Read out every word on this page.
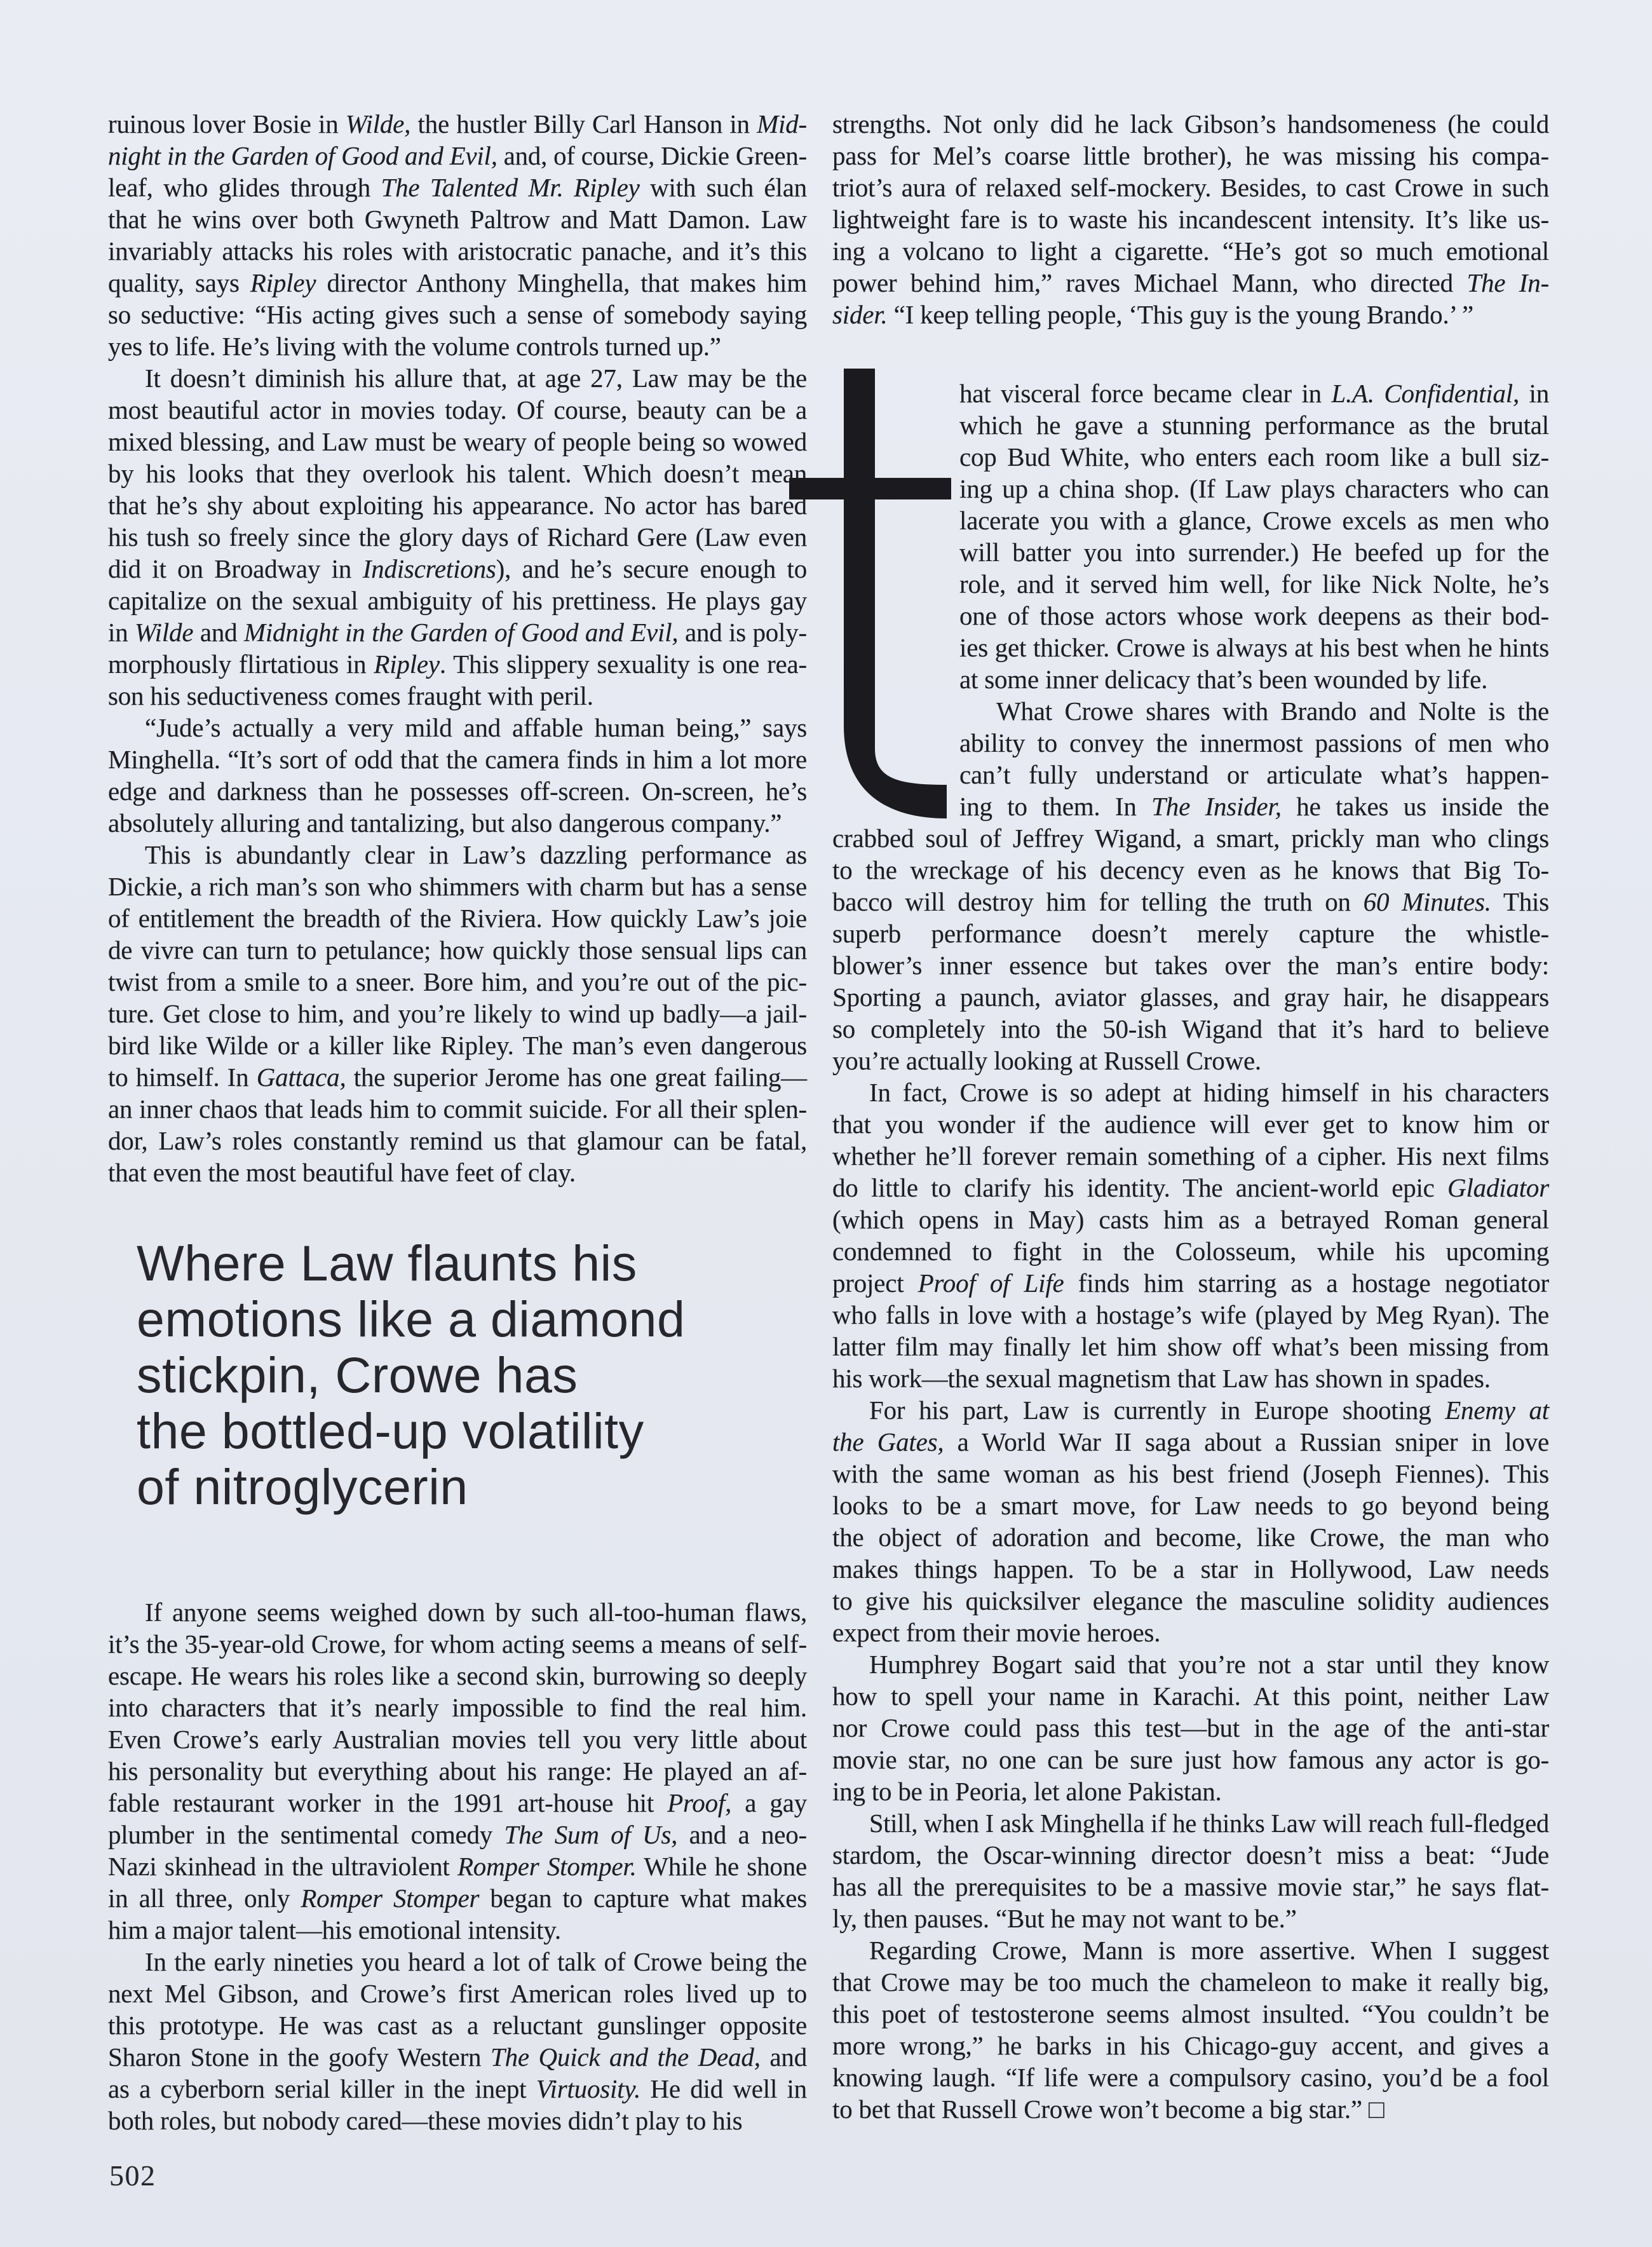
ruinous lover Bosie in Wilde, the hustler Billy Carl Hanson in Mid-
night in the Garden of Good and Evil, and, of course, Dickie Green-
leaf, who glides through The Talented Mr. Ripley with such élan
that he wins over both Gwyneth Paltrow and Matt Damon. Law
invariably attacks his roles with aristocratic panache, and it’s this
quality, says Ripley director Anthony Minghella, that makes him
so seductive: “His acting gives such a sense of somebody saying
yes to life. He’s living with the volume controls turned up.”
It doesn’t diminish his allure that, at age 27, Law may be the
most beautiful actor in movies today. Of course, beauty can be a
mixed blessing, and Law must be weary of people being so wowed
by his looks that they overlook his talent. Which doesn’t mean
that he’s shy about exploiting his appearance. No actor has bared
his tush so freely since the glory days of Richard Gere (Law even
did it on Broadway in Indiscretions), and he’s secure enough to
capitalize on the sexual ambiguity of his prettiness. He plays gay
in Wilde and Midnight in the Garden of Good and Evil, and is poly-
morphously flirtatious in Ripley. This slippery sexuality is one rea-
son his seductiveness comes fraught with peril.
“Jude’s actually a very mild and affable human being,” says
Minghella. “It’s sort of odd that the camera finds in him a lot more
edge and darkness than he possesses off-screen. On-screen, he’s
absolutely alluring and tantalizing, but also dangerous company.”
This is abundantly clear in Law’s dazzling performance as
Dickie, a rich man’s son who shimmers with charm but has a sense
of entitlement the breadth of the Riviera. How quickly Law’s joie
de vivre can turn to petulance; how quickly those sensual lips can
twist from a smile to a sneer. Bore him, and you’re out of the pic-
ture. Get close to him, and you’re likely to wind up badly—a jail-
bird like Wilde or a killer like Ripley. The man’s even dangerous
to himself. In Gattaca, the superior Jerome has one great failing—
an inner chaos that leads him to commit suicide. For all their splen-
dor, Law’s roles constantly remind us that glamour can be fatal,
that even the most beautiful have feet of clay.
Where Law flaunts his
emotions like a diamond
stickpin, Crowe has
the bottled-up volatility
of nitroglycerin
If anyone seems weighed down by such all-too-human flaws,
it’s the 35-year-old Crowe, for whom acting seems a means of self-
escape. He wears his roles like a second skin, burrowing so deeply
into characters that it’s nearly impossible to find the real him.
Even Crowe’s early Australian movies tell you very little about
his personality but everything about his range: He played an af-
fable restaurant worker in the 1991 art-house hit Proof, a gay
plumber in the sentimental comedy The Sum of Us, and a neo-
Nazi skinhead in the ultraviolent Romper Stomper. While he shone
in all three, only Romper Stomper began to capture what makes
him a major talent—his emotional intensity.
In the early nineties you heard a lot of talk of Crowe being the
next Mel Gibson, and Crowe’s first American roles lived up to
this prototype. He was cast as a reluctant gunslinger opposite
Sharon Stone in the goofy Western The Quick and the Dead, and
as a cyberborn serial killer in the inept Virtuosity. He did well in
both roles, but nobody cared—these movies didn’t play to his
strengths. Not only did he lack Gibson’s handsomeness (he could
pass for Mel’s coarse little brother), he was missing his compa-
triot’s aura of relaxed self-mockery. Besides, to cast Crowe in such
lightweight fare is to waste his incandescent intensity. It’s like us-
ing a volcano to light a cigarette. “He’s got so much emotional
power behind him,” raves Michael Mann, who directed The In-
sider. “I keep telling people, ‘This guy is the young Brando.’ ”
hat visceral force became clear in L.A. Confidential, in
which he gave a stunning performance as the brutal
cop Bud White, who enters each room like a bull siz-
ing up a china shop. (If Law plays characters who can
lacerate you with a glance, Crowe excels as men who
will batter you into surrender.) He beefed up for the
role, and it served him well, for like Nick Nolte, he’s
one of those actors whose work deepens as their bod-
ies get thicker. Crowe is always at his best when he hints
at some inner delicacy that’s been wounded by life.
What Crowe shares with Brando and Nolte is the
ability to convey the innermost passions of men who
can’t fully understand or articulate what’s happen-
ing to them. In The Insider, he takes us inside the
crabbed soul of Jeffrey Wigand, a smart, prickly man who clings
to the wreckage of his decency even as he knows that Big To-
bacco will destroy him for telling the truth on 60 Minutes. This
superb performance doesn’t merely capture the whistle-
blower’s inner essence but takes over the man’s entire body:
Sporting a paunch, aviator glasses, and gray hair, he disappears
so completely into the 50-ish Wigand that it’s hard to believe
you’re actually looking at Russell Crowe.
In fact, Crowe is so adept at hiding himself in his characters
that you wonder if the audience will ever get to know him or
whether he’ll forever remain something of a cipher. His next films
do little to clarify his identity. The ancient-world epic Gladiator
(which opens in May) casts him as a betrayed Roman general
condemned to fight in the Colosseum, while his upcoming
project Proof of Life finds him starring as a hostage negotiator
who falls in love with a hostage’s wife (played by Meg Ryan). The
latter film may finally let him show off what’s been missing from
his work—the sexual magnetism that Law has shown in spades.
For his part, Law is currently in Europe shooting Enemy at
the Gates, a World War II saga about a Russian sniper in love
with the same woman as his best friend (Joseph Fiennes). This
looks to be a smart move, for Law needs to go beyond being
the object of adoration and become, like Crowe, the man who
makes things happen. To be a star in Hollywood, Law needs
to give his quicksilver elegance the masculine solidity audiences
expect from their movie heroes.
Humphrey Bogart said that you’re not a star until they know
how to spell your name in Karachi. At this point, neither Law
nor Crowe could pass this test—but in the age of the anti-star
movie star, no one can be sure just how famous any actor is go-
ing to be in Peoria, let alone Pakistan.
Still, when I ask Minghella if he thinks Law will reach full-fledged
stardom, the Oscar-winning director doesn’t miss a beat: “Jude
has all the prerequisites to be a massive movie star,” he says flat-
ly, then pauses. “But he may not want to be.”
Regarding Crowe, Mann is more assertive. When I suggest
that Crowe may be too much the chameleon to make it really big,
this poet of testosterone seems almost insulted. “You couldn’t be
more wrong,” he barks in his Chicago-guy accent, and gives a
knowing laugh. “If life were a compulsory casino, you’d be a fool
to bet that Russell Crowe won’t become a big star.” □
502
